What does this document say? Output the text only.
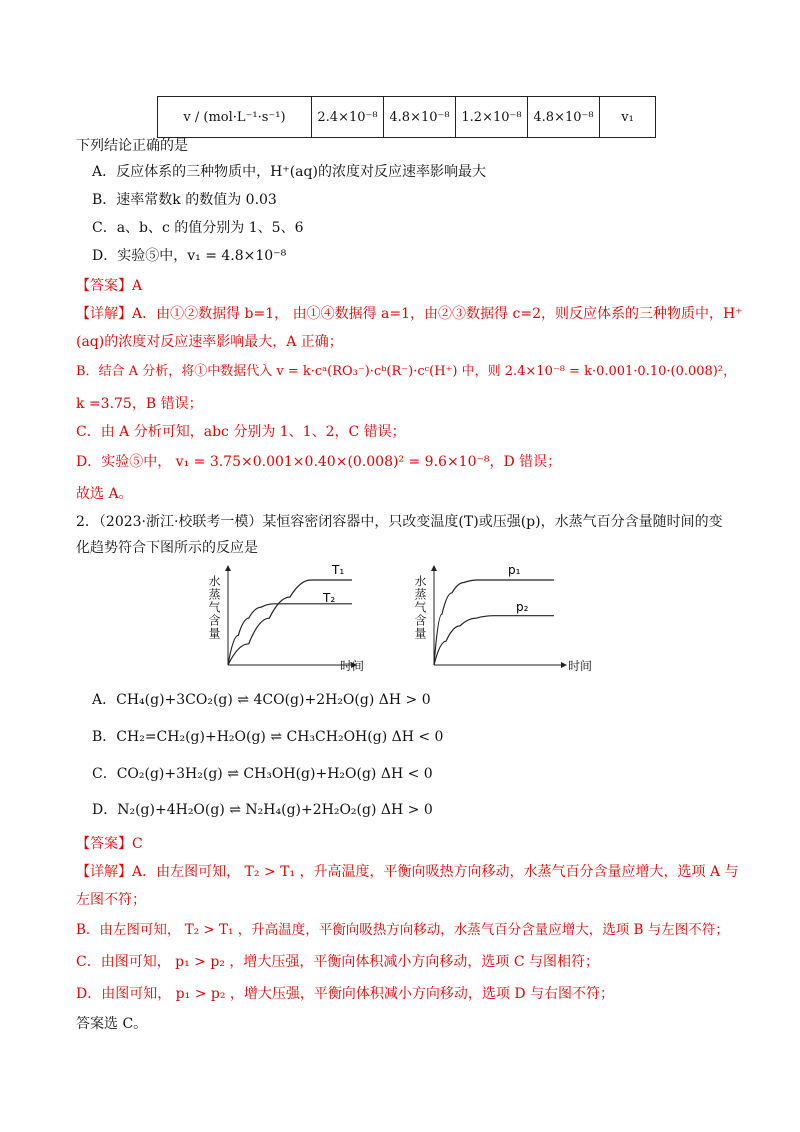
v / (mol·L⁻¹·s⁻¹)	2.4×10⁻⁸	4.8×10⁻⁸	1.2×10⁻⁸	4.8×10⁻⁸	v₁
下列结论正确的是
A．反应体系的三种物质中，H⁺(aq)的浓度对反应速率影响最大
B．速率常数k 的数值为 0.03
C．a、b、c 的值分别为 1、5、6
D．实验⑤中，v₁ = 4.8×10⁻⁸
【答案】A
【详解】A．由①②数据得 b=1， 由①④数据得 a=1，由②③数据得 c=2，则反应体系的三种物质中，H⁺
(aq)的浓度对反应速率影响最大，A 正确；
B．结合 A 分析，将①中数据代入 v = k·cᵃ(RO₃⁻)·cᵇ(R⁻)·cᶜ(H⁺) 中，则 2.4×10⁻⁸ = k·0.001·0.10·(0.008)²，
k =3.75，B 错误；
C．由 A 分析可知，abc 分别为 1、1、2，C 错误；
D．实验⑤中， v₁ = 3.75×0.001×0.40×(0.008)² = 9.6×10⁻⁸，D 错误；
故选 A。
2．（2023·浙江·校联考一模）某恒容密闭容器中，只改变温度(T)或压强(p)，水蒸气百分含量随时间的变
化趋势符合下图所示的反应是
T₁
T₂
水蒸气含量
时间
p₁
p₂
水蒸气含量
时间
A．CH₄(g)+3CO₂(g) ⇌ 4CO(g)+2H₂O(g) ΔH > 0
B．CH₂=CH₂(g)+H₂O(g) ⇌ CH₃CH₂OH(g) ΔH < 0
C．CO₂(g)+3H₂(g) ⇌ CH₃OH(g)+H₂O(g) ΔH < 0
D．N₂(g)+4H₂O(g) ⇌ N₂H₄(g)+2H₂O₂(g) ΔH > 0
【答案】C
【详解】A．由左图可知， T₂ > T₁ ，升高温度，平衡向吸热方向移动，水蒸气百分含量应增大，选项 A 与
左图不符；
B．由左图可知， T₂ > T₁ ，升高温度，平衡向吸热方向移动，水蒸气百分含量应增大，选项 B 与左图不符；
C．由图可知， p₁ > p₂ ，增大压强，平衡向体积减小方向移动，选项 C 与图相符；
D．由图可知， p₁ > p₂ ，增大压强，平衡向体积减小方向移动，选项 D 与右图不符；
答案选 C。
